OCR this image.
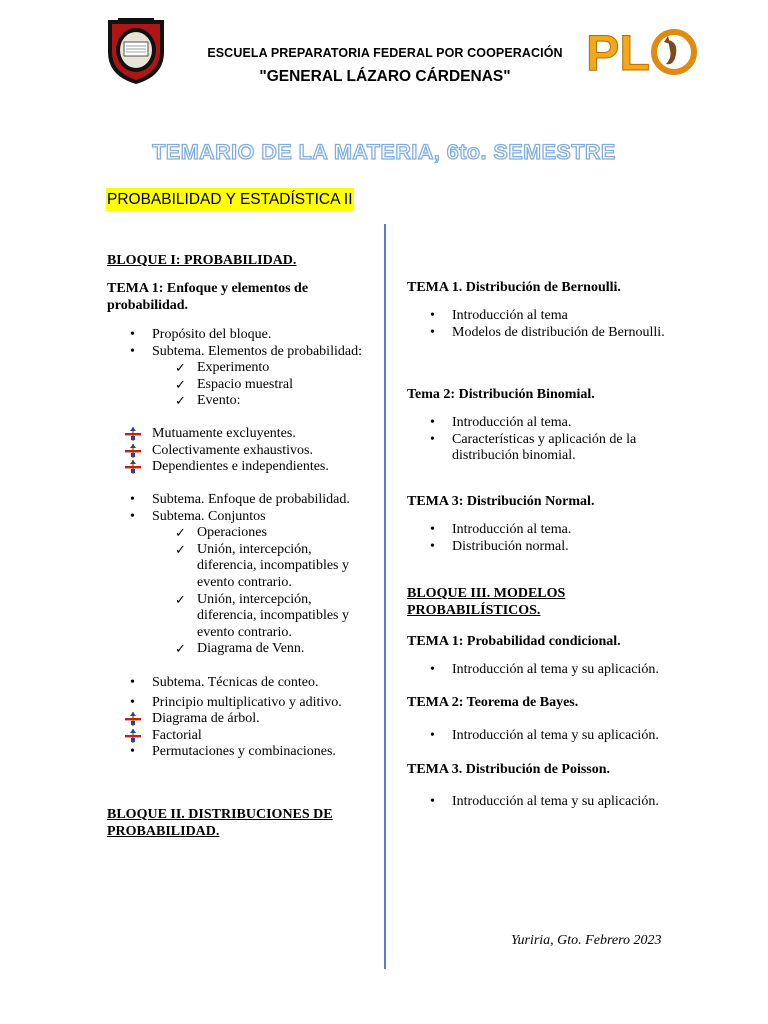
ESCUELA PREPARATORIA FEDERAL POR COOPERACIÓN
"GENERAL LÁZARO CÁRDENAS"	PL
TEMARIO DE LA MATERIA, 6to. SEMESTRE
PROBABILIDAD Y ESTADÍSTICA II
BLOQUE I: PROBABILIDAD.
TEMA 1: Enfoque y elementos de probabilidad.
• Propósito del bloque.
• Subtema. Elementos de probabilidad:
✓ Experimento
✓ Espacio muestral
✓ Evento:
Mutuamente excluyentes.
Colectivamente exhaustivos.
Dependientes e independientes.
• Subtema. Enfoque de probabilidad.
• Subtema. Conjuntos
✓ Operaciones
✓ Unión, intercepción, diferencia, incompatibles y evento contrario.
✓ Unión, intercepción, diferencia, incompatibles y evento contrario.
✓ Diagrama de Venn.
• Subtema. Técnicas de conteo.
• Principio multiplicativo y aditivo.
Diagrama de árbol.
Factorial
• Permutaciones y combinaciones.
BLOQUE II. DISTRIBUCIONES DE PROBABILIDAD.
TEMA 1. Distribución de Bernoulli.
• Introducción al tema
• Modelos de distribución de Bernoulli.
Tema 2: Distribución Binomial.
• Introducción al tema.
• Características y aplicación de la distribución binomial.
TEMA 3: Distribución Normal.
• Introducción al tema.
• Distribución normal.
BLOQUE III. MODELOS PROBABILÍSTICOS.
TEMA 1: Probabilidad condicional.
• Introducción al tema y su aplicación.
TEMA 2: Teorema de Bayes.
• Introducción al tema y su aplicación.
TEMA 3. Distribución de Poisson.
• Introducción al tema y su aplicación.
Yuriria, Gto. Febrero 2023
